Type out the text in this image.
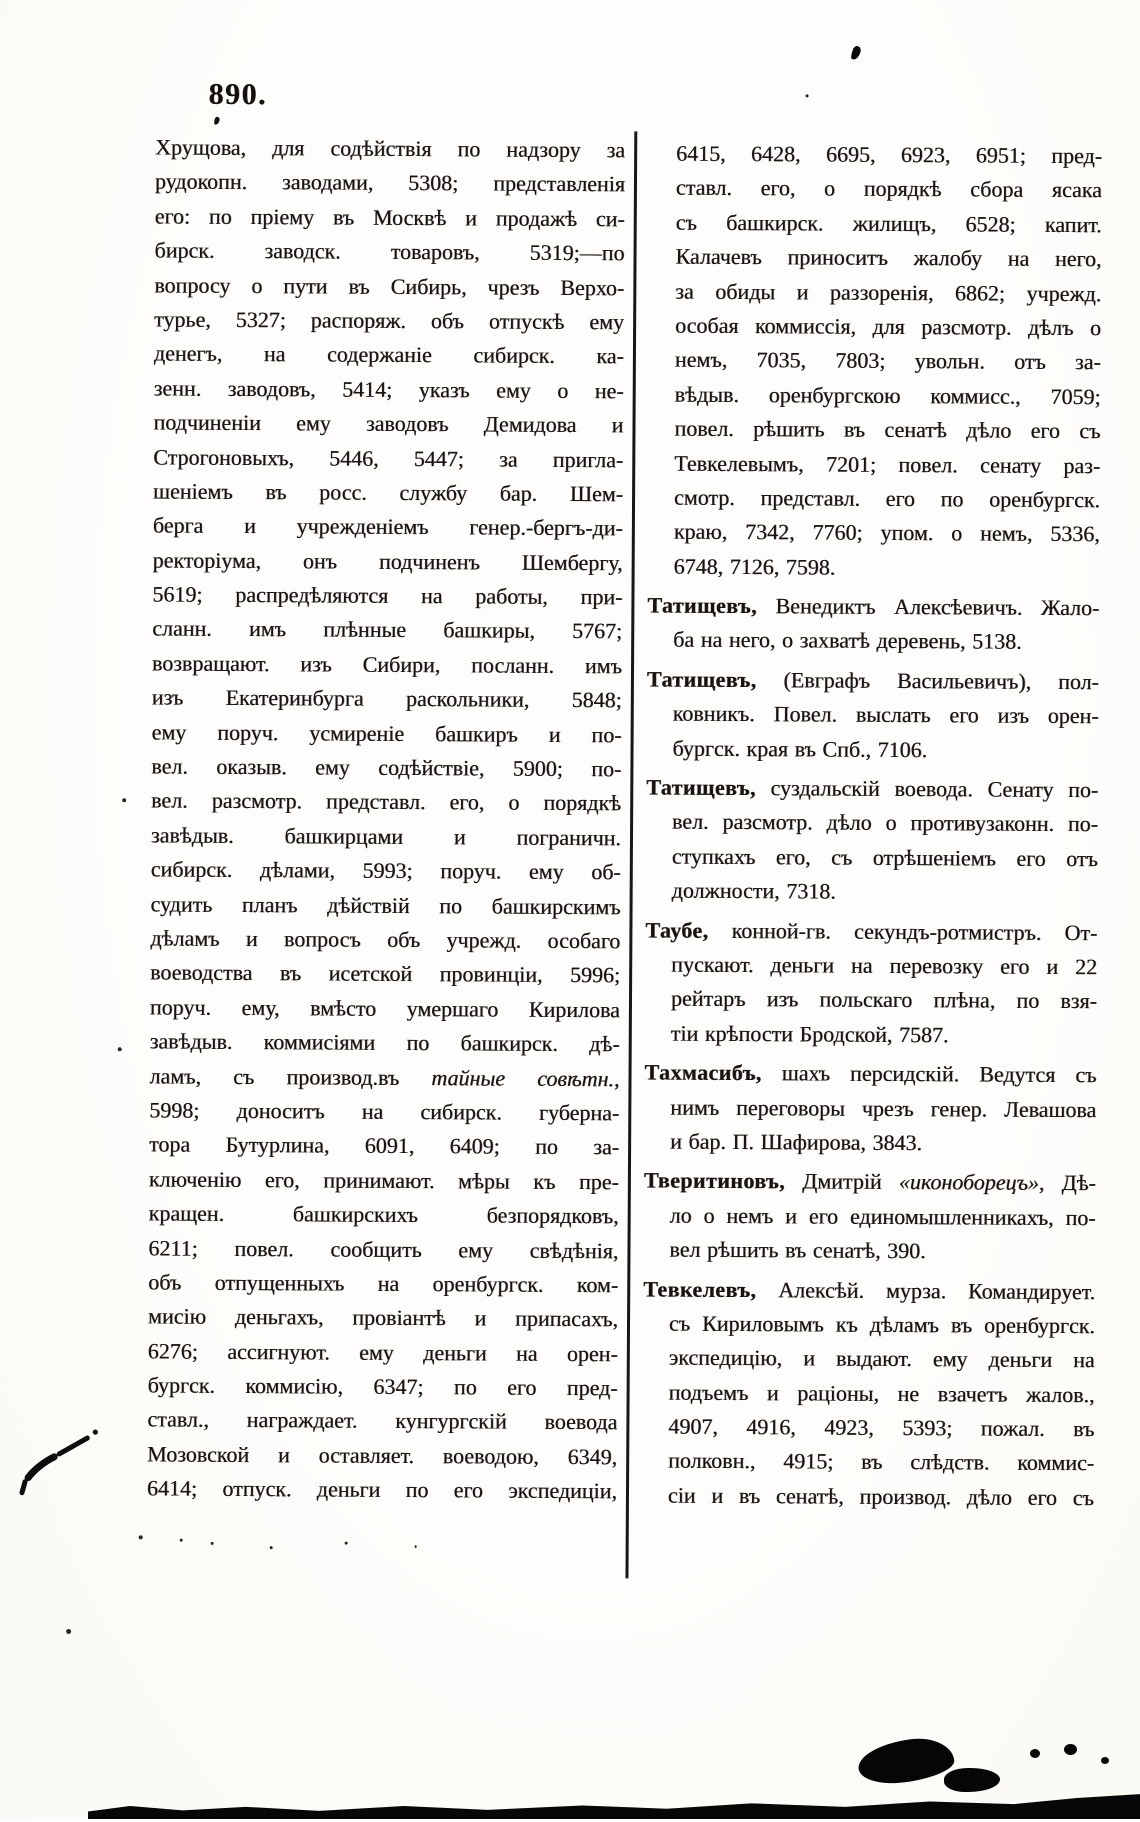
890.
Хрущова, для содѣйствія по надзору за
рудокопн. заводами, 5308; представленія
его: по пріему въ Москвѣ и продажѣ си-
бирск. заводск. товаровъ, 5319;—по
вопросу о пути въ Сибирь, чрезъ Верхо-
турье, 5327; распоряж. объ отпускѣ ему
денегъ, на содержаніе сибирск. ка-
зенн. заводовъ, 5414; указъ ему о не-
подчиненіи ему заводовъ Демидова и
Строгоновыхъ, 5446, 5447; за пригла-
шеніемъ въ росс. службу бар. Шем-
берга и учрежденіемъ генер.-бергъ-ди-
ректоріума, онъ подчиненъ Шембергу,
5619; распредѣляются на работы, при-
сланн. имъ плѣнные башкиры, 5767;
возвращают. изъ Сибири, посланн. имъ
изъ Екатеринбурга раскольники, 5848;
ему поруч. усмиреніе башкиръ и по-
вел. оказыв. ему содѣйствіе, 5900; по-
вел. разсмотр. представл. его, о порядкѣ
завѣдыв. башкирцами и пограничн.
сибирск. дѣлами, 5993; поруч. ему об-
судить планъ дѣйствій по башкирскимъ
дѣламъ и вопросъ объ учрежд. особаго
воеводства въ исетской провинціи, 5996;
поруч. ему, вмѣсто умершаго Кирилова
завѣдыв. коммисіями по башкирск. дѣ-
ламъ, съ производ.въ тайные совѣтн.,
5998; доноситъ на сибирск. губерна-
тора Бутурлина, 6091, 6409; по за-
ключенію его, принимают. мѣры къ пре-
кращен.	башкирскихъ	безпорядковъ,
6211; повел. сообщить ему свѣдѣнія,
объ отпущенныхъ на оренбургск. ком-
мисію деньгахъ, провіантѣ и припасахъ,
6276; ассигнуют. ему деньги на орен-
бургск. коммисію, 6347; по его пред-
ставл., награждает. кунгургскій воевода
Мозовской и оставляет. воеводою, 6349,
6414; отпуск. деньги по его экспедиціи,
6415, 6428, 6695, 6923, 6951; пред-
ставл. его, о порядкѣ сбора ясака
съ башкирск. жилищъ, 6528; капит.
Калачевъ приноситъ жалобу на него,
за обиды и раззоренія, 6862; учрежд.
особая коммиссія, для разсмотр. дѣлъ о
немъ, 7035, 7803; увольн. отъ за-
вѣдыв. оренбургскою коммисс., 7059;
повел. рѣшить въ сенатѣ дѣло его съ
Тевкелевымъ, 7201; повел. сенату раз-
смотр. представл. его по оренбургск.
краю, 7342, 7760; упом. о немъ, 5336,
6748, 7126, 7598.
Татищевъ, Венедиктъ Алексѣевичъ. Жало-
ба на него, о захватѣ деревень, 5138.
Татищевъ, (Евграфъ Васильевичъ), пол-
ковникъ. Повел. выслать его изъ орен-
бургск. края въ Спб., 7106.
Татищевъ, суздальскій воевода. Сенату по-
вел. разсмотр. дѣло о противузаконн. по-
ступкахъ его, съ отрѣшеніемъ его отъ
должности, 7318.
Таубе, конной-гв. секундъ-ротмистръ. От-
пускают. деньги на перевозку его и 22
рейтаръ изъ польскаго плѣна, по взя-
тіи крѣпости Бродской, 7587.
Тахмасибъ, шахъ персидскій. Ведутся съ
нимъ переговоры чрезъ генер. Левашова
и бар. П. Шафирова, 3843.
Тверитиновъ, Дмитрій «иконоборецъ», Дѣ-
ло о немъ и его единомышленникахъ, по-
вел рѣшить въ сенатѣ, 390.
Тевкелевъ, Алексѣй. мурза. Командирует.
съ Кириловымъ къ дѣламъ въ оренбургск.
экспедицію, и выдают. ему деньги на
подъемъ и раціоны, не взачетъ жалов.,
4907, 4916, 4923, 5393; пожал. въ
полковн., 4915; въ слѣдств. коммис-
сіи и въ сенатѣ, производ. дѣло его съ
